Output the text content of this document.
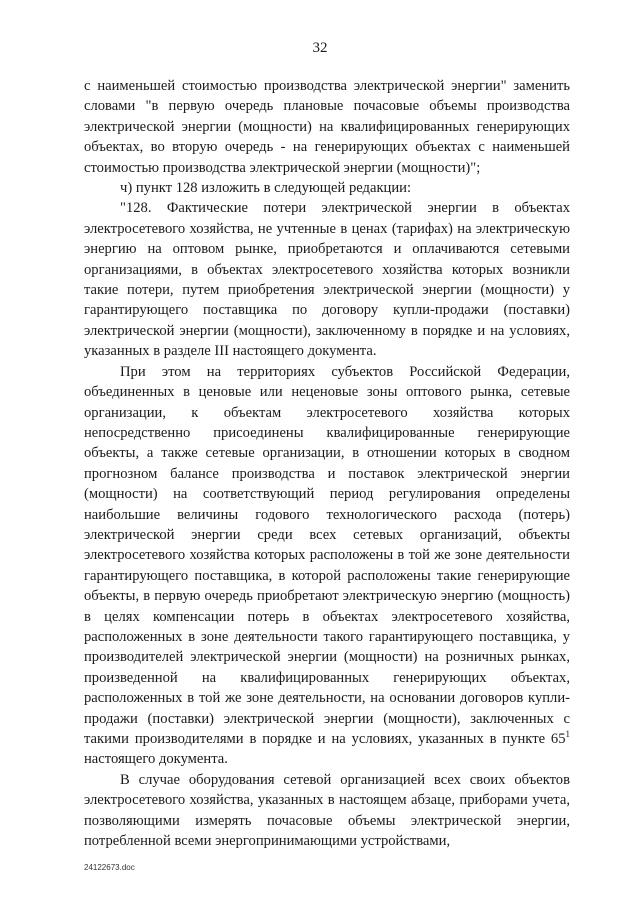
32

с наименьшей стоимостью производства электрической энергии" заменить словами "в первую очередь плановые почасовые объемы производства электрической энергии (мощности) на квалифицированных генерирующих объектах, во вторую очередь - на генерирующих объектах с наименьшей стоимостью производства электрической энергии (мощности)";

ч) пункт 128 изложить в следующей редакции:

"128. Фактические потери электрической энергии в объектах электросетевого хозяйства, не учтенные в ценах (тарифах) на электрическую энергию на оптовом рынке, приобретаются и оплачиваются сетевыми организациями, в объектах электросетевого хозяйства которых возникли такие потери, путем приобретения электрической энергии (мощности) у гарантирующего поставщика по договору купли-продажи (поставки) электрической энергии (мощности), заключенному в порядке и на условиях, указанных в разделе III настоящего документа.

При этом на территориях субъектов Российской Федерации, объединенных в ценовые или неценовые зоны оптового рынка, сетевые организации, к объектам электросетевого хозяйства которых непосредственно присоединены квалифицированные генерирующие объекты, а также сетевые организации, в отношении которых в сводном прогнозном балансе производства и поставок электрической энергии (мощности) на соответствующий период регулирования определены наибольшие величины годового технологического расхода (потерь) электрической энергии среди всех сетевых организаций, объекты электросетевого хозяйства которых расположены в той же зоне деятельности гарантирующего поставщика, в которой расположены такие генерирующие объекты, в первую очередь приобретают электрическую энергию (мощность) в целях компенсации потерь в объектах электросетевого хозяйства, расположенных в зоне деятельности такого гарантирующего поставщика, у производителей электрической энергии (мощности) на розничных рынках, произведенной на квалифицированных генерирующих объектах, расположенных в той же зоне деятельности, на основании договоров купли-продажи (поставки) электрической энергии (мощности), заключенных с такими производителями в порядке и на условиях, указанных в пункте $65^1$ настоящего документа.

В случае оборудования сетевой организацией всех своих объектов электросетевого хозяйства, указанных в настоящем абзаце, приборами учета, позволяющими измерять почасовые объемы электрической энергии, потребленной всеми энергопринимающими устройствами,

24122673.doc
